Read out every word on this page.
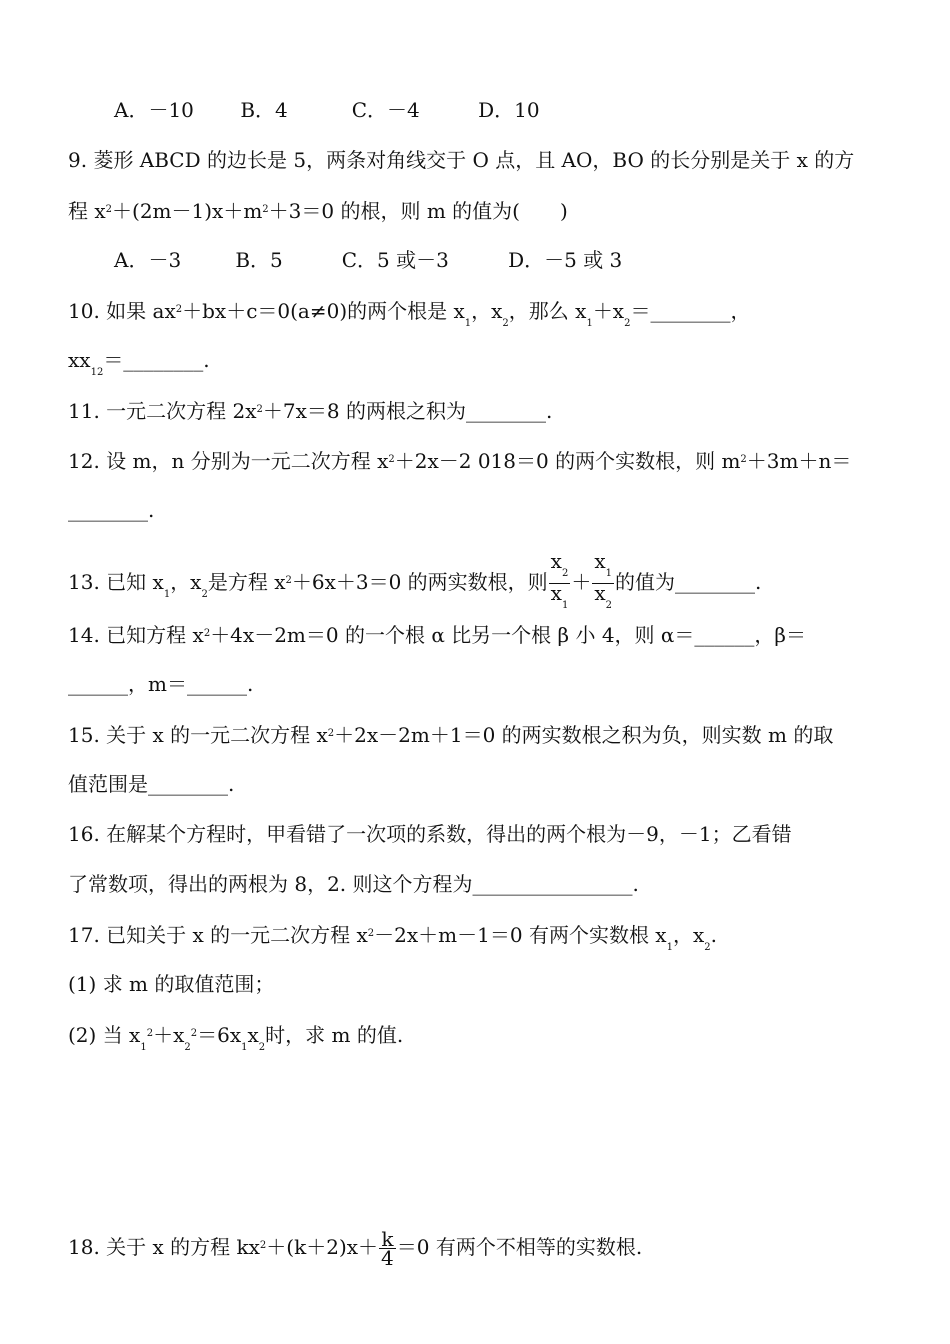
A．－10 B．4	C．－4	D．10
9. 菱形 ABCD 的边长是 5，两条对角线交于 O 点，且 AO，BO 的长分别是关于 x 的方
程 $x^2+(2m-1)x+m^2+3=0$ 的根，则 m 的值为(　　)
A．－3	B．5	C．5 或－3	D．－5 或 3
10. 如果 $ax^2+bx+c=0(a\ne 0)$的两个根是 $x_1$，$x_2$，那么 $x_1+x_2=\_\_\_\_\_\_\_\_$，
$xx_{12}=\_\_\_\_\_\_\_\_$.
11. 一元二次方程 $2x^2+7x=8$ 的两根之积为________.
12. 设 m，n 分别为一元二次方程 $x^2+2x-2$ 018＝0 的两个实数根，则 $m^2+3m+n=$
________.
13. 已知 $x_1$，$x_2$是方程 $x^2+6x+3=0$ 的两实数根，则 $\frac{x_2}{x_1} + \frac{x_1}{x_2}$ 的值为________.
14. 已知方程 $x^2+4x-2m=0$ 的一个根 α 比另一个根 β 小 4，则 α＝______，β＝
______，m＝______.
15. 关于 x 的一元二次方程 $x^2+2x-2m+1=0$ 的两实数根之积为负，则实数 m 的取
值范围是________.
16. 在解某个方程时，甲看错了一次项的系数，得出的两个根为－9，－1；乙看错
了常数项，得出的两根为 8，2. 则这个方程为________________.
17. 已知关于 x 的一元二次方程 $x^2-2x+m-1=0$ 有两个实数根 $x_1$，$x_2$.
(1) 求 m 的取值范围；
(2) 当 $x_1^2+x_2^2=6x_1x_2$时，求 m 的值.
18. 关于 x 的方程 $kx^2+(k+2)x+ \frac{k}{4} =0$ 有两个不相等的实数根.
